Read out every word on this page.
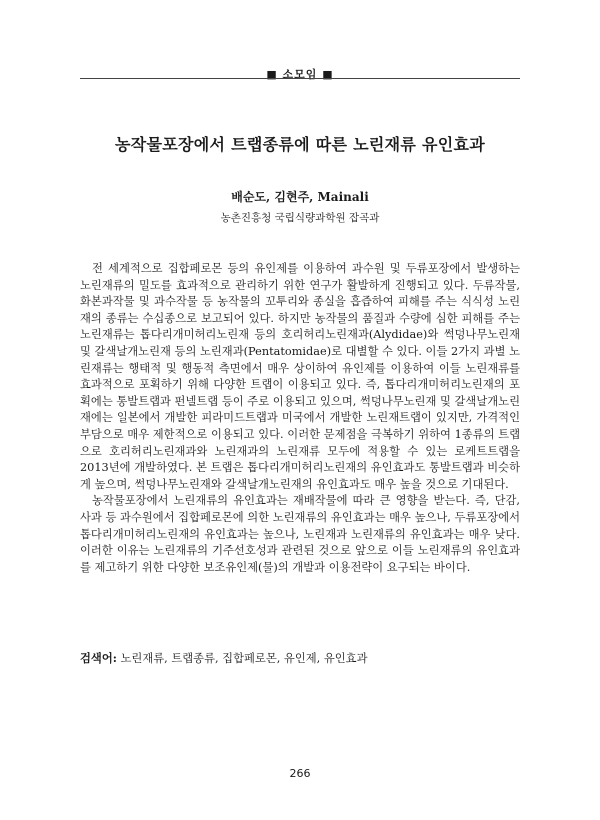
■ 소모임 ■
농작물포장에서 트랩종류에 따른 노린재류 유인효과
배순도, 김현주, Mainali
농촌진흥청 국립식량과학원 잡곡과

전 세계적으로 집합페로몬 등의 유인제를 이용하여 과수원 및 두류포장에서 발생하는 노린재류의 밀도를 효과적으로 관리하기 위한 연구가 활발하게 진행되고 있다. 두류작물, 화본과작물 및 과수작물 등 농작물의 꼬투리와 종실을 흡즙하여 피해를 주는 식식성 노린재의 종류는 수십종으로 보고되어 있다. 하지만 농작물의 품질과 수량에 심한 피해를 주는 노린재류는 톱다리개미허리노린재 등의 호리허리노린재과(Alydidae)와 썩덩나무노린재 및 갈색날개노린재 등의 노린재과(Pentatomidae)로 대별할 수 있다. 이들 2가지 과별 노린재류는 행태적 및 행동적 측면에서 매우 상이하여 유인제를 이용하여 이들 노린재류를 효과적으로 포획하기 위해 다양한 트랩이 이용되고 있다. 즉, 톱다리개미허리노린재의 포획에는 통발트랩과 펀넬트랩 등이 주로 이용되고 있으며, 썩덩나무노린재 및 갈색날개노린재에는 일본에서 개발한 피라미드트랩과 미국에서 개발한 노린재트랩이 있지만, 가격적인 부담으로 매우 제한적으로 이용되고 있다. 이러한 문제점을 극복하기 위하여 1종류의 트랩으로 호리허리노린재과와 노린재과의 노린재류 모두에 적용할 수 있는 로케트트랩을 2013년에 개발하였다. 본 트랩은 톱다리개미허리노린재의 유인효과도 통발트랩과 비슷하게 높으며, 썩덩나무노린재와 갈색날개노린재의 유인효과도 매우 높을 것으로 기대된다.

농작물포장에서 노린재류의 유인효과는 재배작물에 따라 큰 영향을 받는다. 즉, 단감, 사과 등 과수원에서 집합페로몬에 의한 노린재류의 유인효과는 매우 높으나, 두류포장에서 톱다리개미허리노린재의 유인효과는 높으나, 노린재과 노린재류의 유인효과는 매우 낮다. 이러한 이유는 노린재류의 기주선호성과 관련된 것으로 앞으로 이들 노린재류의 유인효과를 제고하기 위한 다양한 보조유인제(물)의 개발과 이용전략이 요구되는 바이다.

검색어: 노린재류, 트랩종류, 집합페로몬, 유인제, 유인효과
266
